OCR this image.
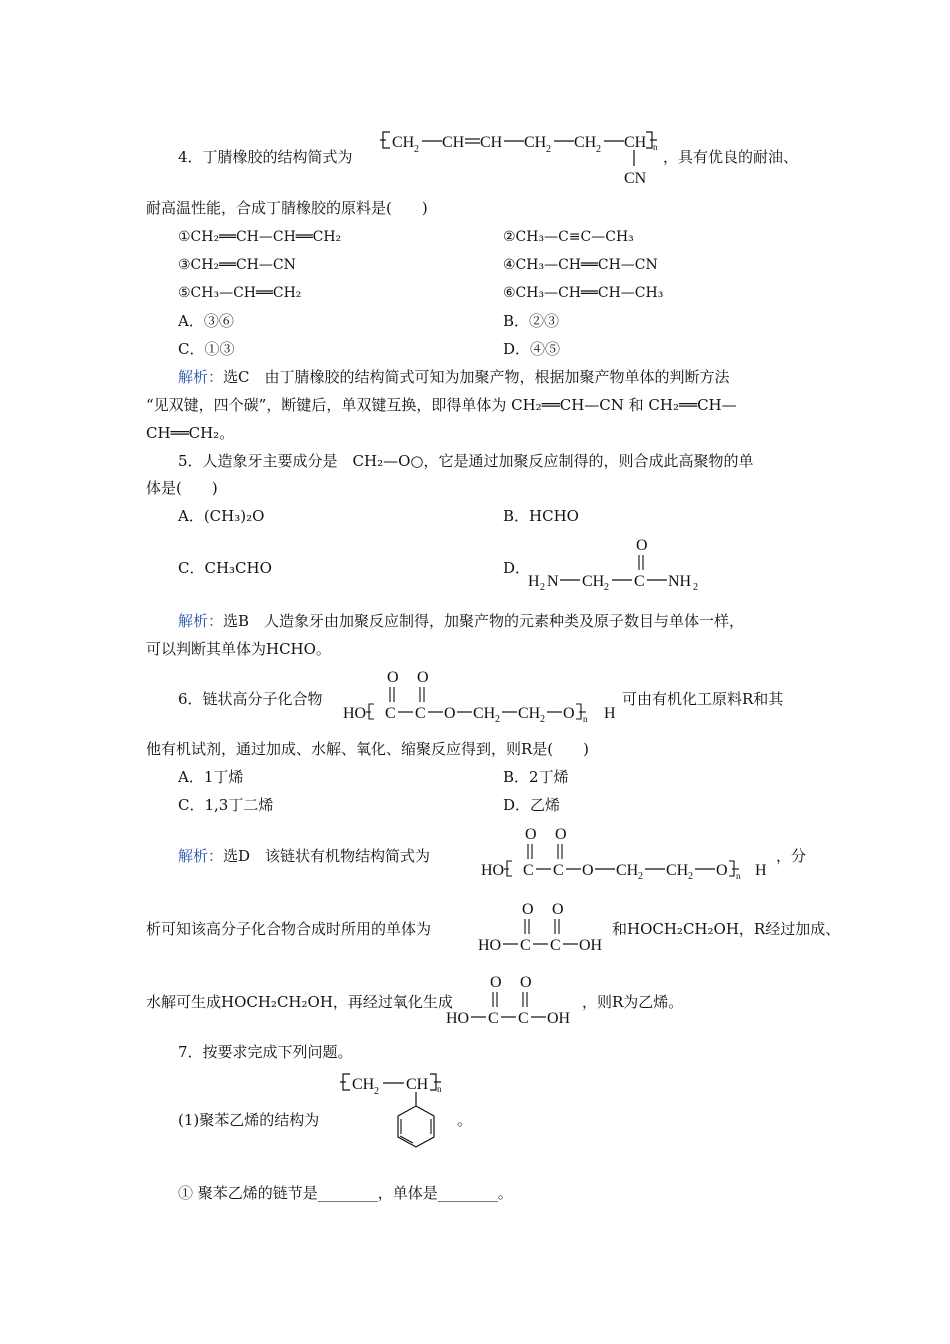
4．丁腈橡胶的结构简式为
CH 2 CH CH CH 2 CH 2 CH n
CN
，具有优良的耐油、
耐高温性能，合成丁腈橡胶的原料是(　　)
①CH₂══CH—CH══CH₂	②CH₃—C≡C—CH₃
③CH₂══CH—CN	④CH₃—CH══CH—CN
⑤CH₃—CH══CH₂	⑥CH₃—CH══CH—CH₃
A．③⑥	B．②③
C．①③	D．④⑤
解析：选C　由丁腈橡胶的结构简式可知为加聚产物，根据加聚产物单体的判断方法
“见双键，四个碳”，断键后，单双键互换，即得单体为 CH₂══CH—CN 和 CH₂══CH—
CH══CH₂。
5．人造象牙主要成分是　CH₂—O○，它是通过加聚反应制得的，则合成此高聚物的单
体是(　　)
A．(CH₃)₂O	B．HCHO
C．CH₃CHO	D．
O
H 2 N CH 2 C NH 2
解析：选B　人造象牙由加聚反应制得，加聚产物的元素种类及原子数目与单体一样，
可以判断其单体为HCHO。
6．链状高分子化合物
O O
HO C C O CH 2 CH 2 O n H
可由有机化工原料R和其
他有机试剂，通过加成、水解、氧化、缩聚反应得到，则R是(　　)
A．1丁烯	B．2丁烯
C．1,3丁二烯	D．乙烯
解析：选D　该链状有机物结构简式为
O O
HO C C O CH 2 CH 2 O n H
，分
析可知该高分子化合物合成时所用的单体为
O O
HO C C OH
和HOCH₂CH₂OH，R经过加成、
水解可生成HOCH₂CH₂OH，再经过氧化生成
O O
HO C C OH
，则R为乙烯。
7．按要求完成下列问题。
(1)聚苯乙烯的结构为
CH 2 CH n
。
① 聚苯乙烯的链节是________，单体是________。
